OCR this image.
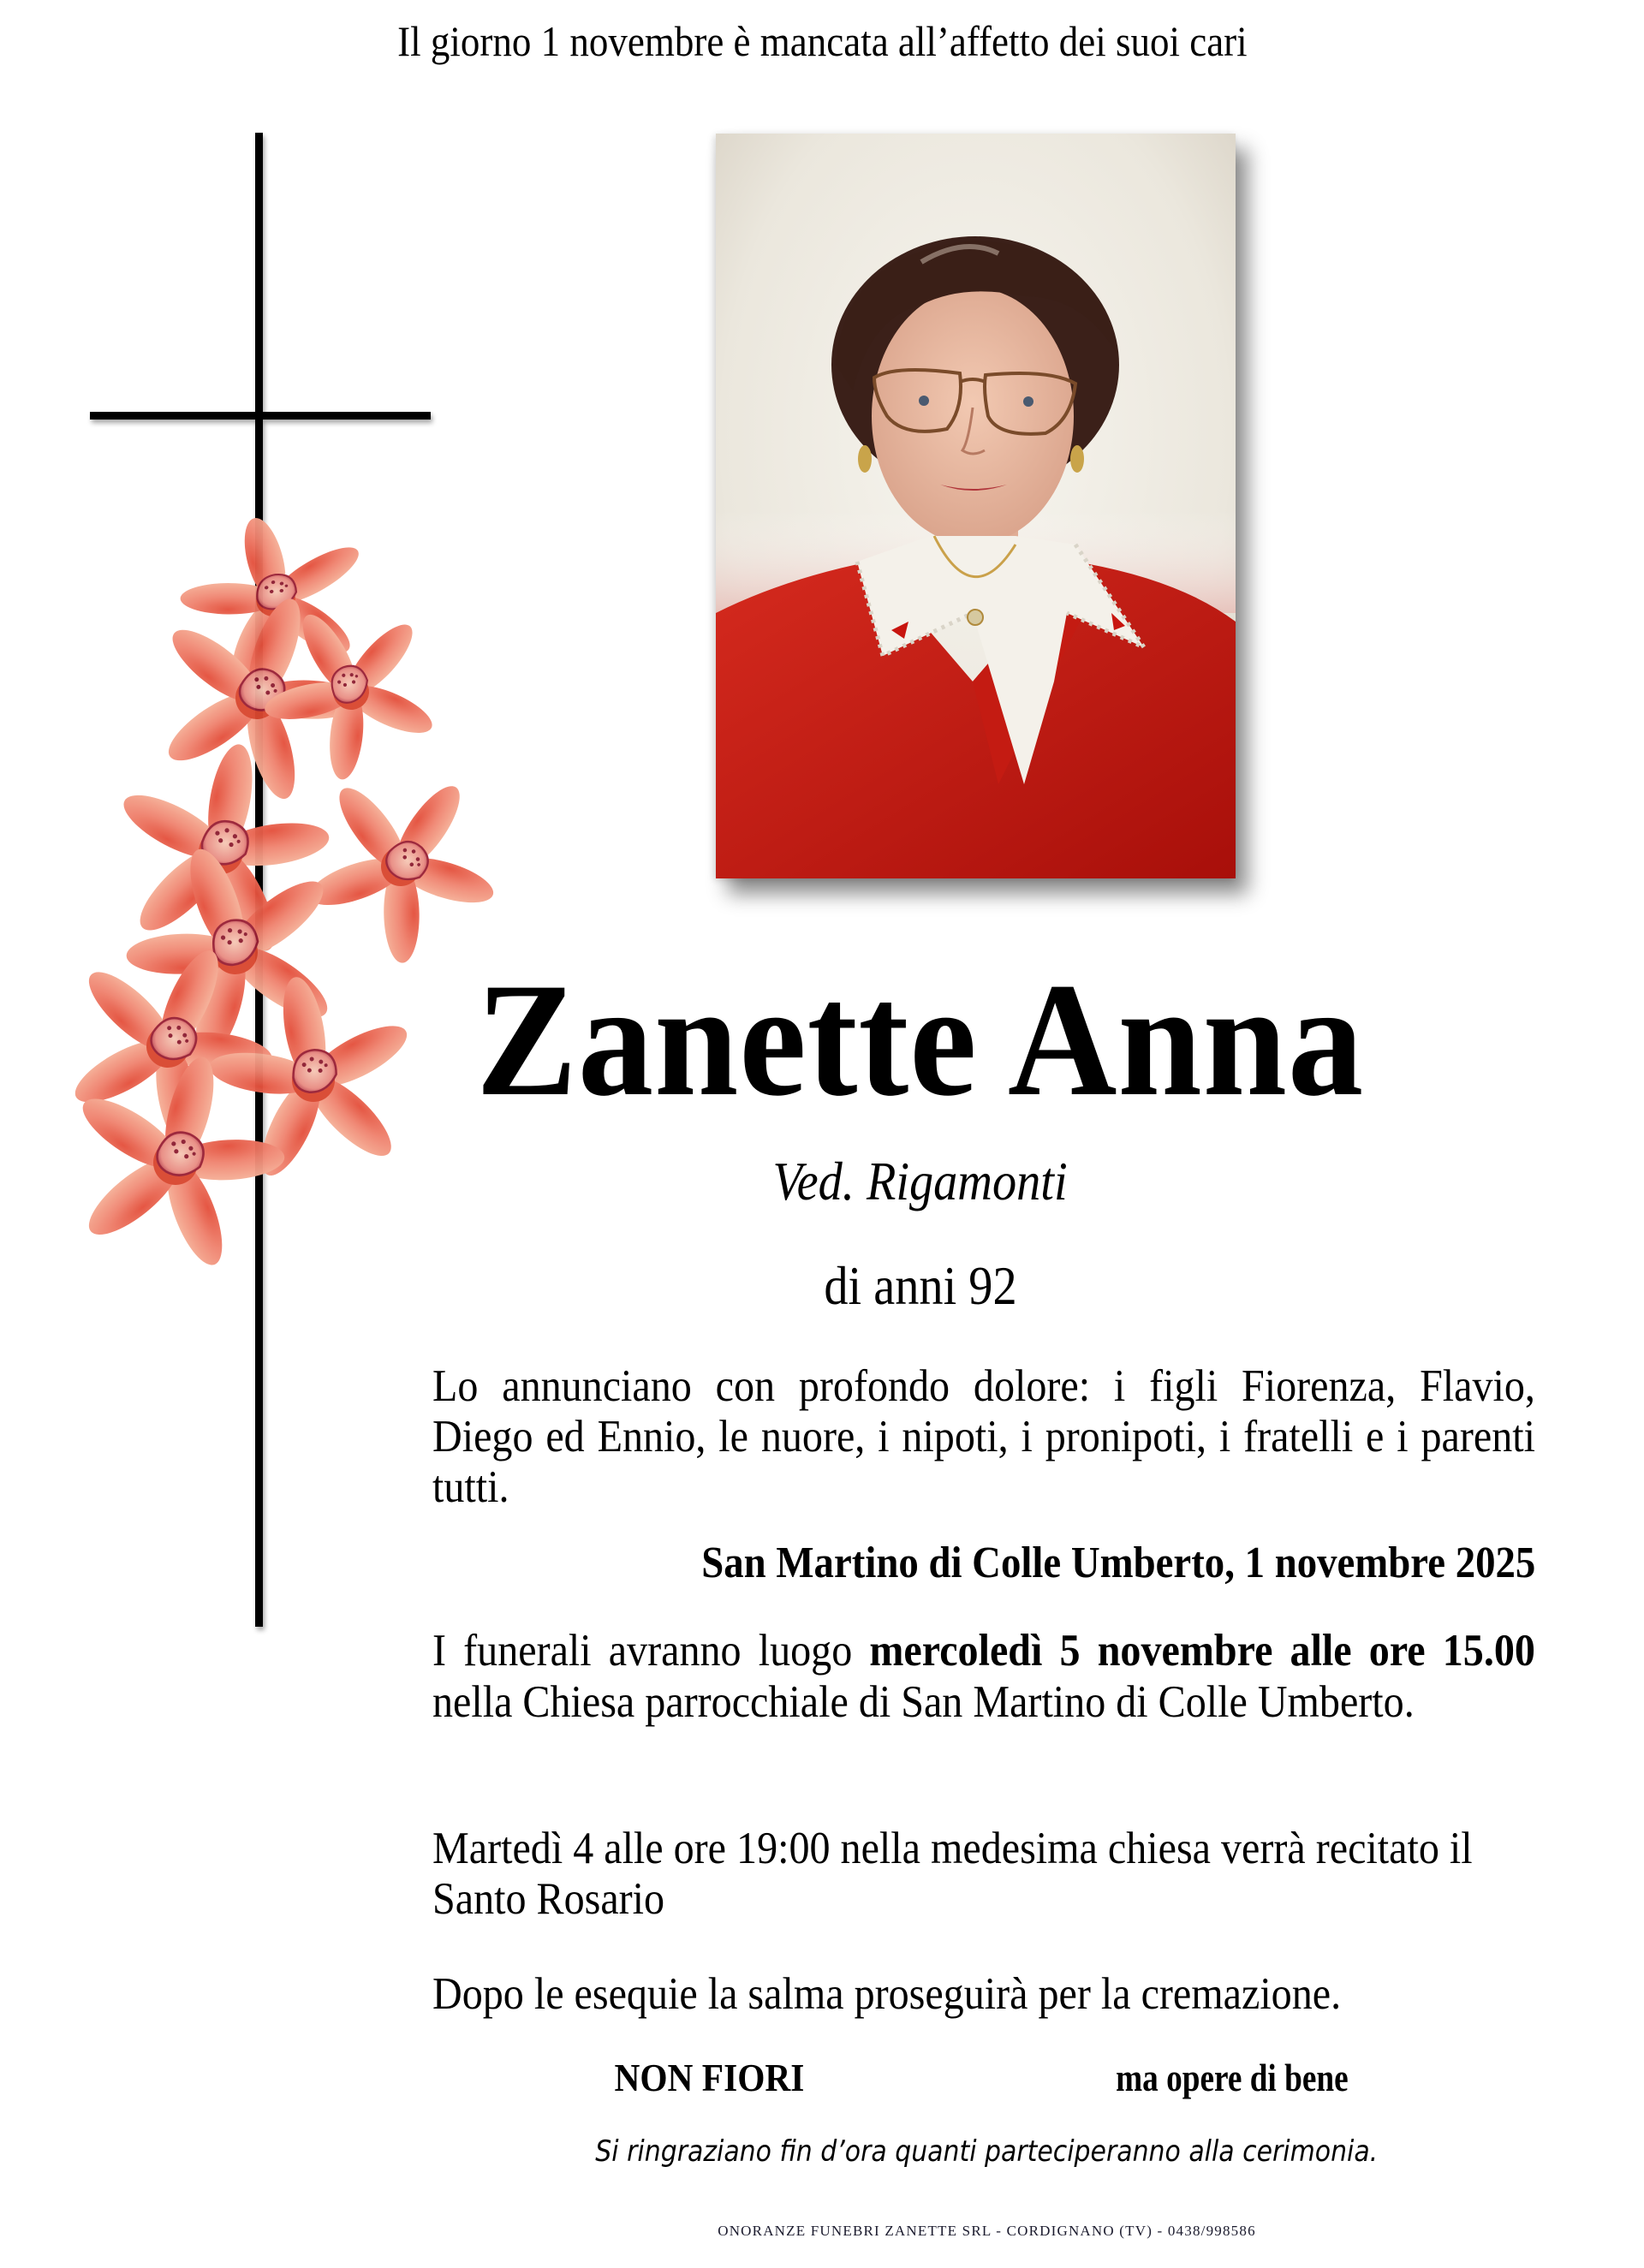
Il giorno 1 novembre è mancata all’affetto dei suoi cari
Zanette Anna
Ved. Rigamonti
di anni 92
Lo annunciano con profondo dolore: i figli Fiorenza, Flavio, Diego ed Ennio, le nuore, i nipoti, i pronipoti, i fratelli e i parenti tutti.
San Martino di Colle Umberto, 1 novembre 2025
I funerali avranno luogo mercoledì 5 novembre alle ore 15.00 nella Chiesa parrocchiale di San Martino di Colle Umberto.
Martedì 4 alle ore 19:00 nella medesima chiesa verrà recitato il Santo Rosario
Dopo le esequie la salma proseguirà per la cremazione.
NON FIORI	ma opere di bene
Si ringraziano fin d’ora quanti parteciperanno alla cerimonia.
ONORANZE FUNEBRI ZANETTE SRL - CORDIGNANO (TV) - 0438/998586
